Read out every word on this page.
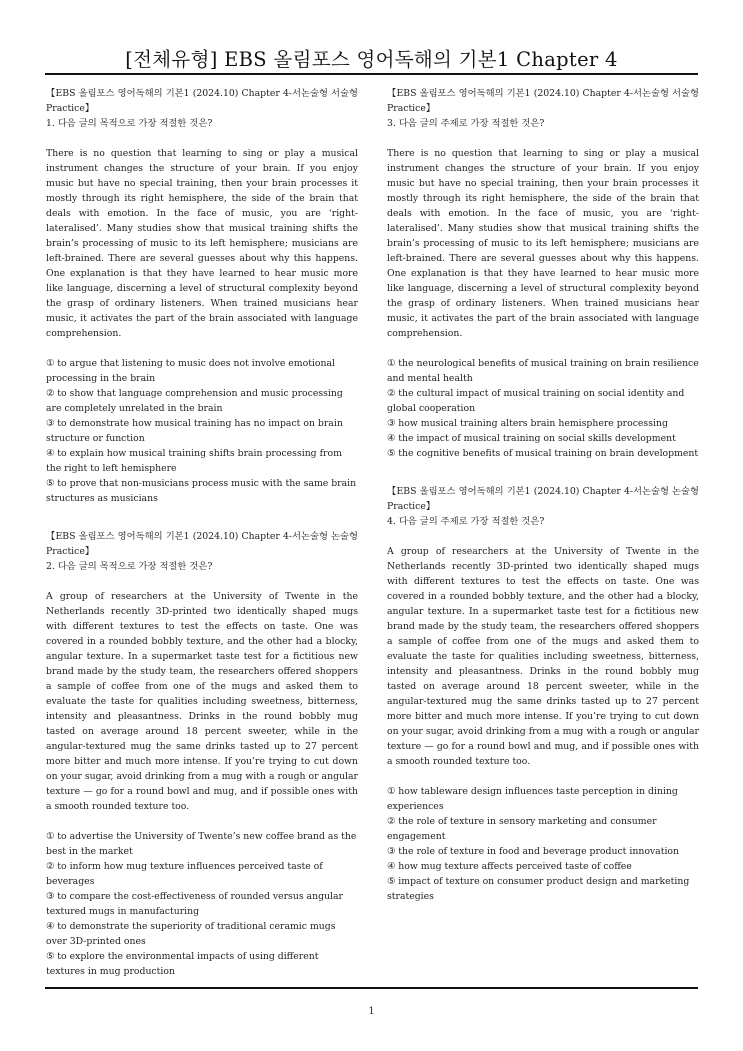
[전체유형] EBS 올림포스 영어독해의 기본1 Chapter 4
【EBS 올림포스 영어독해의 기본1 (2024.10) Chapter 4-서논술형 서술형 Practice】
1. 다음 글의 목적으로 가장 적절한 것은?
There is no question that learning to sing or play a musical instrument changes the structure of your brain. If you enjoy music but have no special training, then your brain processes it mostly through its right hemisphere, the side of the brain that deals with emotion. In the face of music, you are ‘right-lateralised’. Many studies show that musical training shifts the brain’s processing of music to its left hemisphere; musicians are left-brained. There are several guesses about why this happens. One explanation is that they have learned to hear music more like language, discerning a level of structural complexity beyond the grasp of ordinary listeners. When trained musicians hear music, it activates the part of the brain associated with language comprehension.
① to argue that listening to music does not involve emotional processing in the brain
② to show that language comprehension and music processing are completely unrelated in the brain
③ to demonstrate how musical training has no impact on brain structure or function
④ to explain how musical training shifts brain processing from the right to left hemisphere
⑤ to prove that non-musicians process music with the same brain structures as musicians
【EBS 올림포스 영어독해의 기본1 (2024.10) Chapter 4-서논술형 논술형 Practice】
2. 다음 글의 목적으로 가장 적절한 것은?
A group of researchers at the University of Twente in the Netherlands recently 3D-printed two identically shaped mugs with different textures to test the effects on taste. One was covered in a rounded bobbly texture, and the other had a blocky, angular texture. In a supermarket taste test for a fictitious new brand made by the study team, the researchers offered shoppers a sample of coffee from one of the mugs and asked them to evaluate the taste for qualities including sweetness, bitterness, intensity and pleasantness. Drinks in the round bobbly mug tasted on average around 18 percent sweeter, while in the angular-textured mug the same drinks tasted up to 27 percent more bitter and much more intense. If you’re trying to cut down on your sugar, avoid drinking from a mug with a rough or angular texture — go for a round bowl and mug, and if possible ones with a smooth rounded texture too.
① to advertise the University of Twente’s new coffee brand as the best in the market
② to inform how mug texture influences perceived taste of beverages
③ to compare the cost-effectiveness of rounded versus angular textured mugs in manufacturing
④ to demonstrate the superiority of traditional ceramic mugs over 3D-printed ones
⑤ to explore the environmental impacts of using different textures in mug production
【EBS 올림포스 영어독해의 기본1 (2024.10) Chapter 4-서논술형 서술형 Practice】
3. 다음 글의 주제로 가장 적절한 것은?
There is no question that learning to sing or play a musical instrument changes the structure of your brain. If you enjoy music but have no special training, then your brain processes it mostly through its right hemisphere, the side of the brain that deals with emotion. In the face of music, you are ‘right-lateralised’. Many studies show that musical training shifts the brain’s processing of music to its left hemisphere; musicians are left-brained. There are several guesses about why this happens. One explanation is that they have learned to hear music more like language, discerning a level of structural complexity beyond the grasp of ordinary listeners. When trained musicians hear music, it activates the part of the brain associated with language comprehension.
① the neurological benefits of musical training on brain resilience and mental health
② the cultural impact of musical training on social identity and global cooperation
③ how musical training alters brain hemisphere processing
④ the impact of musical training on social skills development
⑤ the cognitive benefits of musical training on brain development
【EBS 올림포스 영어독해의 기본1 (2024.10) Chapter 4-서논술형 논술형 Practice】
4. 다음 글의 주제로 가장 적절한 것은?
A group of researchers at the University of Twente in the Netherlands recently 3D-printed two identically shaped mugs with different textures to test the effects on taste. One was covered in a rounded bobbly texture, and the other had a blocky, angular texture. In a supermarket taste test for a fictitious new brand made by the study team, the researchers offered shoppers a sample of coffee from one of the mugs and asked them to evaluate the taste for qualities including sweetness, bitterness, intensity and pleasantness. Drinks in the round bobbly mug tasted on average around 18 percent sweeter, while in the angular-textured mug the same drinks tasted up to 27 percent more bitter and much more intense. If you’re trying to cut down on your sugar, avoid drinking from a mug with a rough or angular texture — go for a round bowl and mug, and if possible ones with a smooth rounded texture too.
① how tableware design influences taste perception in dining experiences
② the role of texture in sensory marketing and consumer engagement
③ the role of texture in food and beverage product innovation
④ how mug texture affects perceived taste of coffee
⑤ impact of texture on consumer product design and marketing strategies
1
